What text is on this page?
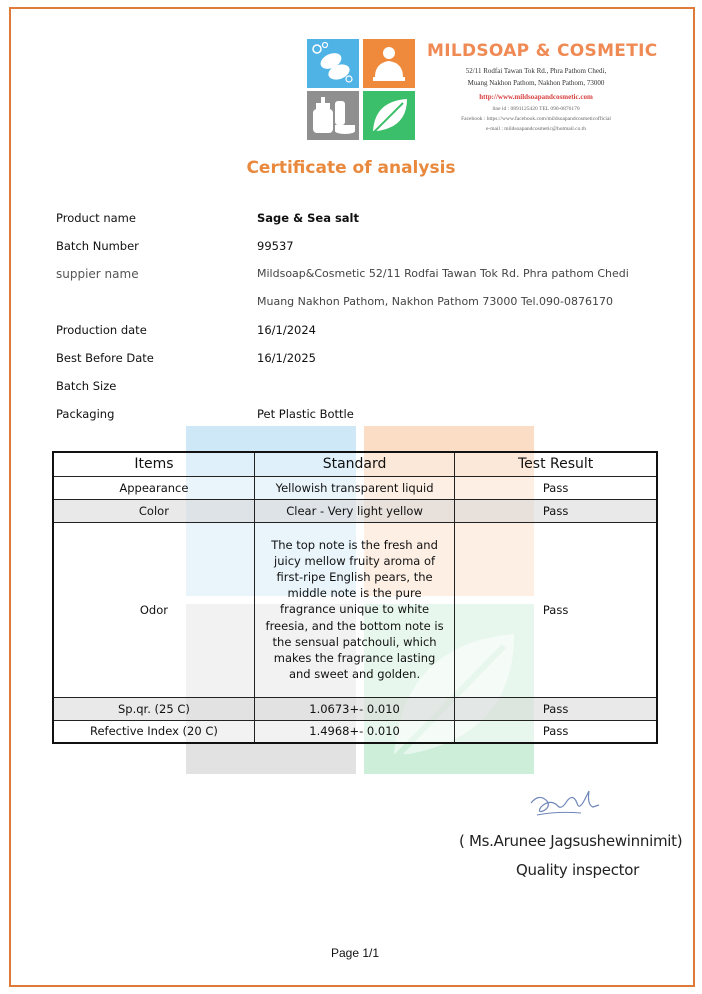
MILDSOAP & COSMETIC
52/11 Rodfai Tawan Tok Rd., Phra Pathom Chedi,
Muang Nakhon Pathom, Nakhon Pathom, 73000
http://www.mildsoapandcosmetic.com
line id : 0891125420 TEL 090-0876170
Facebook : https://www.facebook.com/mildsoapandcosmeticofficial
e-mail : mildsoapandcosmetic@hotmail.co.th
Certificate of analysis
Product name	Sage & Sea salt
Batch Number	99537
suppier name	Mildsoap&Cosmetic 52/11 Rodfai Tawan Tok Rd. Phra pathom Chedi
Muang Nakhon Pathom, Nakhon Pathom 73000 Tel.090-0876170
Production date	16/1/2024
Best Before Date	16/1/2025
Batch Size
Packaging	Pet Plastic Bottle
Items	Standard	Test Result
Appearance	Yellowish transparent liquid	Pass
Color	Clear - Very light yellow	Pass
Odor	The top note is the fresh and juicy mellow fruity aroma of first-ripe English pears, the middle note is the pure fragrance unique to white freesia, and the bottom note is the sensual patchouli, which makes the fragrance lasting and sweet and golden.	Pass
Sp.qr. (25 C)	1.0673+- 0.010	Pass
Refective Index (20 C)	1.4968+- 0.010	Pass
( Ms.Arunee Jagsushewinnimit)
Quality inspector
Page 1/1
